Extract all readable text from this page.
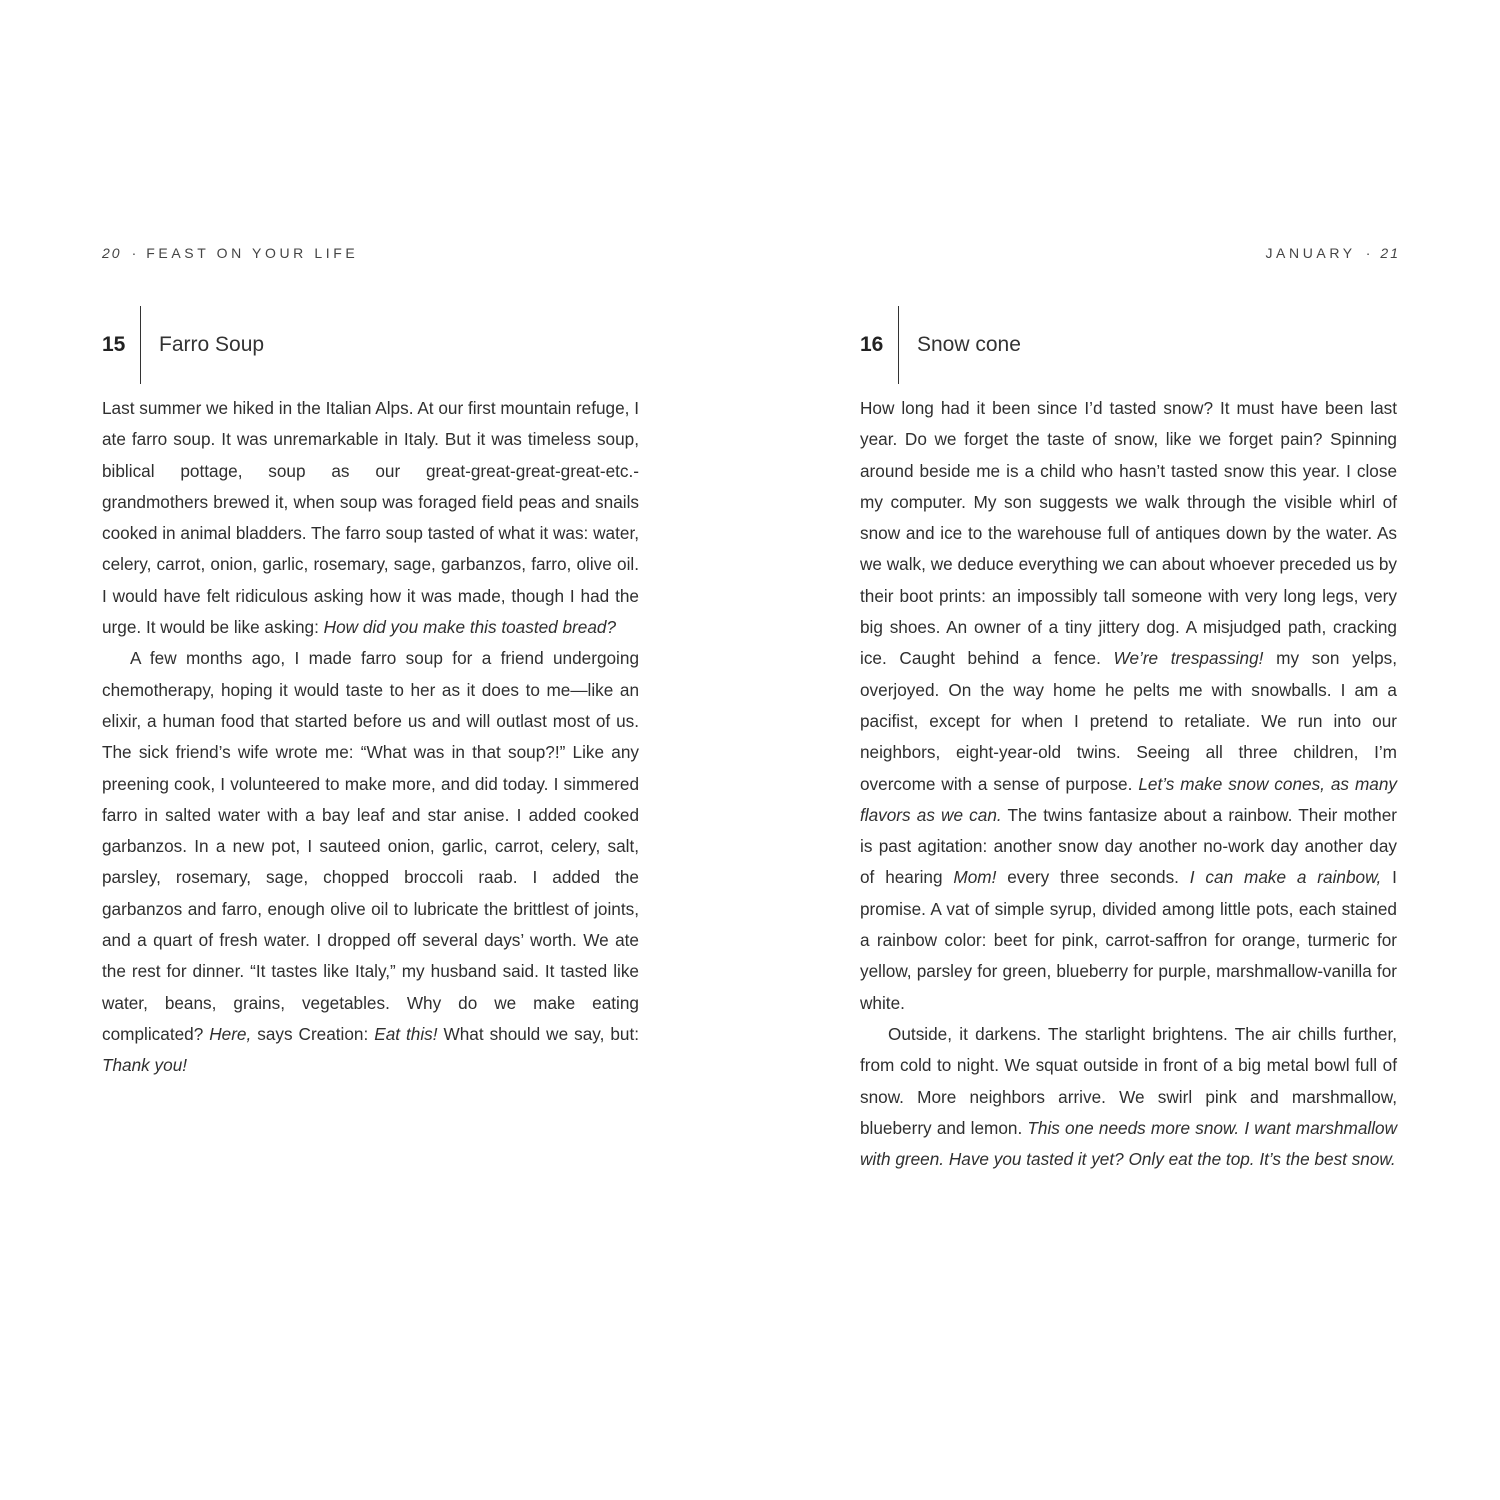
20 · FEAST ON YOUR LIFE
15	Farro Soup

Last summer we hiked in the Italian Alps. At our first mountain refuge, I ate farro soup. It was unremarkable in Italy. But it was timeless soup, biblical pottage, soup as our great-great-great-great-etc.-grandmothers brewed it, when soup was foraged field peas and snails cooked in animal bladders. The farro soup tasted of what it was: water, celery, carrot, onion, garlic, rosemary, sage, garbanzos, farro, olive oil. I would have felt ridiculous asking how it was made, though I had the urge. It would be like asking: How did you make this toasted bread?

A few months ago, I made farro soup for a friend undergoing chemotherapy, hoping it would taste to her as it does to me—like an elixir, a human food that started before us and will outlast most of us. The sick friend’s wife wrote me: “What was in that soup?!” Like any preening cook, I volunteered to make more, and did today. I simmered farro in salted water with a bay leaf and star anise. I added cooked garbanzos. In a new pot, I sauteed onion, garlic, carrot, celery, salt, parsley, rosemary, sage, chopped broccoli raab. I added the garbanzos and farro, enough olive oil to lubricate the brittlest of joints, and a quart of fresh water. I dropped off several days’ worth. We ate the rest for dinner. “It tastes like Italy,” my husband said. It tasted like water, beans, grains, vegetables. Why do we make eating complicated? Here, says Creation: Eat this! What should we say, but: Thank you!

JANUARY · 21
16	Snow cone

How long had it been since I’d tasted snow? It must have been last year. Do we forget the taste of snow, like we forget pain? Spinning around beside me is a child who hasn’t tasted snow this year. I close my computer. My son suggests we walk through the visible whirl of snow and ice to the warehouse full of antiques down by the water. As we walk, we deduce everything we can about whoever preceded us by their boot prints: an impossibly tall someone with very long legs, very big shoes. An owner of a tiny jittery dog. A misjudged path, cracking ice. Caught behind a fence. We’re trespassing! my son yelps, overjoyed. On the way home he pelts me with snowballs. I am a pacifist, except for when I pretend to retaliate. We run into our neighbors, eight-year-old twins. Seeing all three children, I’m overcome with a sense of purpose. Let’s make snow cones, as many flavors as we can. The twins fantasize about a rainbow. Their mother is past agitation: another snow day another no-work day another day of hearing Mom! every three seconds. I can make a rainbow, I promise. A vat of simple syrup, divided among little pots, each stained a rainbow color: beet for pink, carrot-saffron for orange, turmeric for yellow, parsley for green, blueberry for purple, marshmallow-vanilla for white.

Outside, it darkens. The starlight brightens. The air chills further, from cold to night. We squat outside in front of a big metal bowl full of snow. More neighbors arrive. We swirl pink and marshmallow, blueberry and lemon. This one needs more snow. I want marshmallow with green. Have you tasted it yet? Only eat the top. It’s the best snow.
